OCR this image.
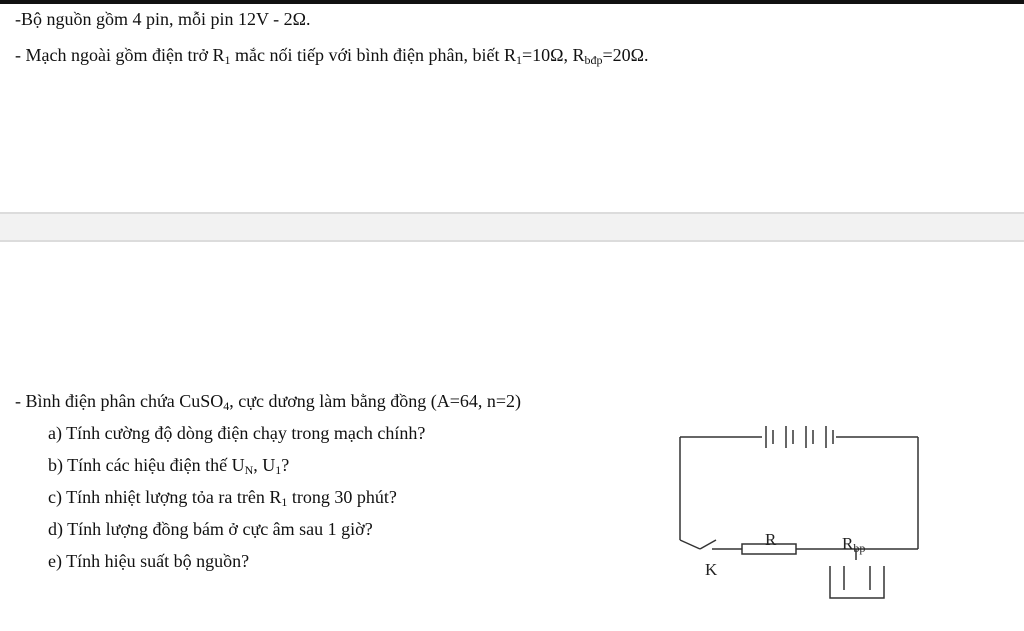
-Bộ nguồn gồm 4 pin, mỗi pin 12V - 2Ω.
- Mạch ngoài gồm điện trở $R_1$ mắc nối tiếp với bình điện phân, biết $R_1=10\Omega$, $R_{bđp}=20\Omega$.
- Bình điện phân chứa CuSO$_4$, cực dương làm bằng đồng (A=64, n=2)
a) Tính cường độ dòng điện chạy trong mạch chính?
b) Tính các hiệu điện thế $U_N$, $U_1$?
c) Tính nhiệt lượng tỏa ra trên $R_1$ trong 30 phút?
d) Tính lượng đồng bám ở cực âm sau 1 giờ?
e) Tính hiệu suất bộ nguồn?
R	Rbp
K
